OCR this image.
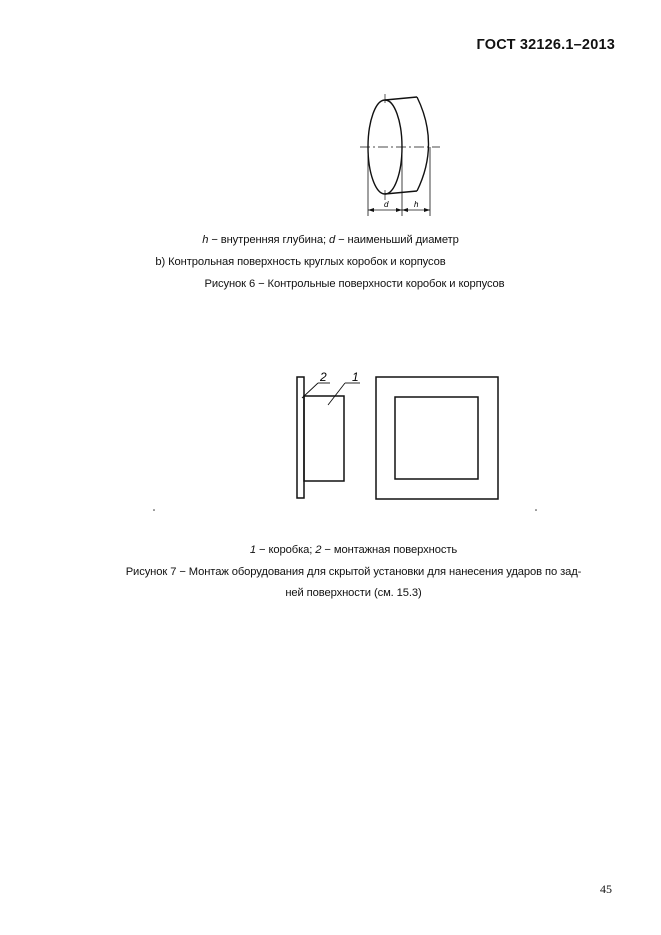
ГОСТ 32126.1–2013
d	h
h − внутренняя глубина; d − наименьший диаметр
b) Контрольная поверхность круглых коробок и корпусов
Рисунок 6 − Контрольные поверхности коробок и корпусов
2 1
1 − коробка; 2 − монтажная поверхность
Рисунок 7 − Монтаж оборудования для скрытой установки для нанесения ударов по зад-
ней поверхности (см. 15.3)
45
